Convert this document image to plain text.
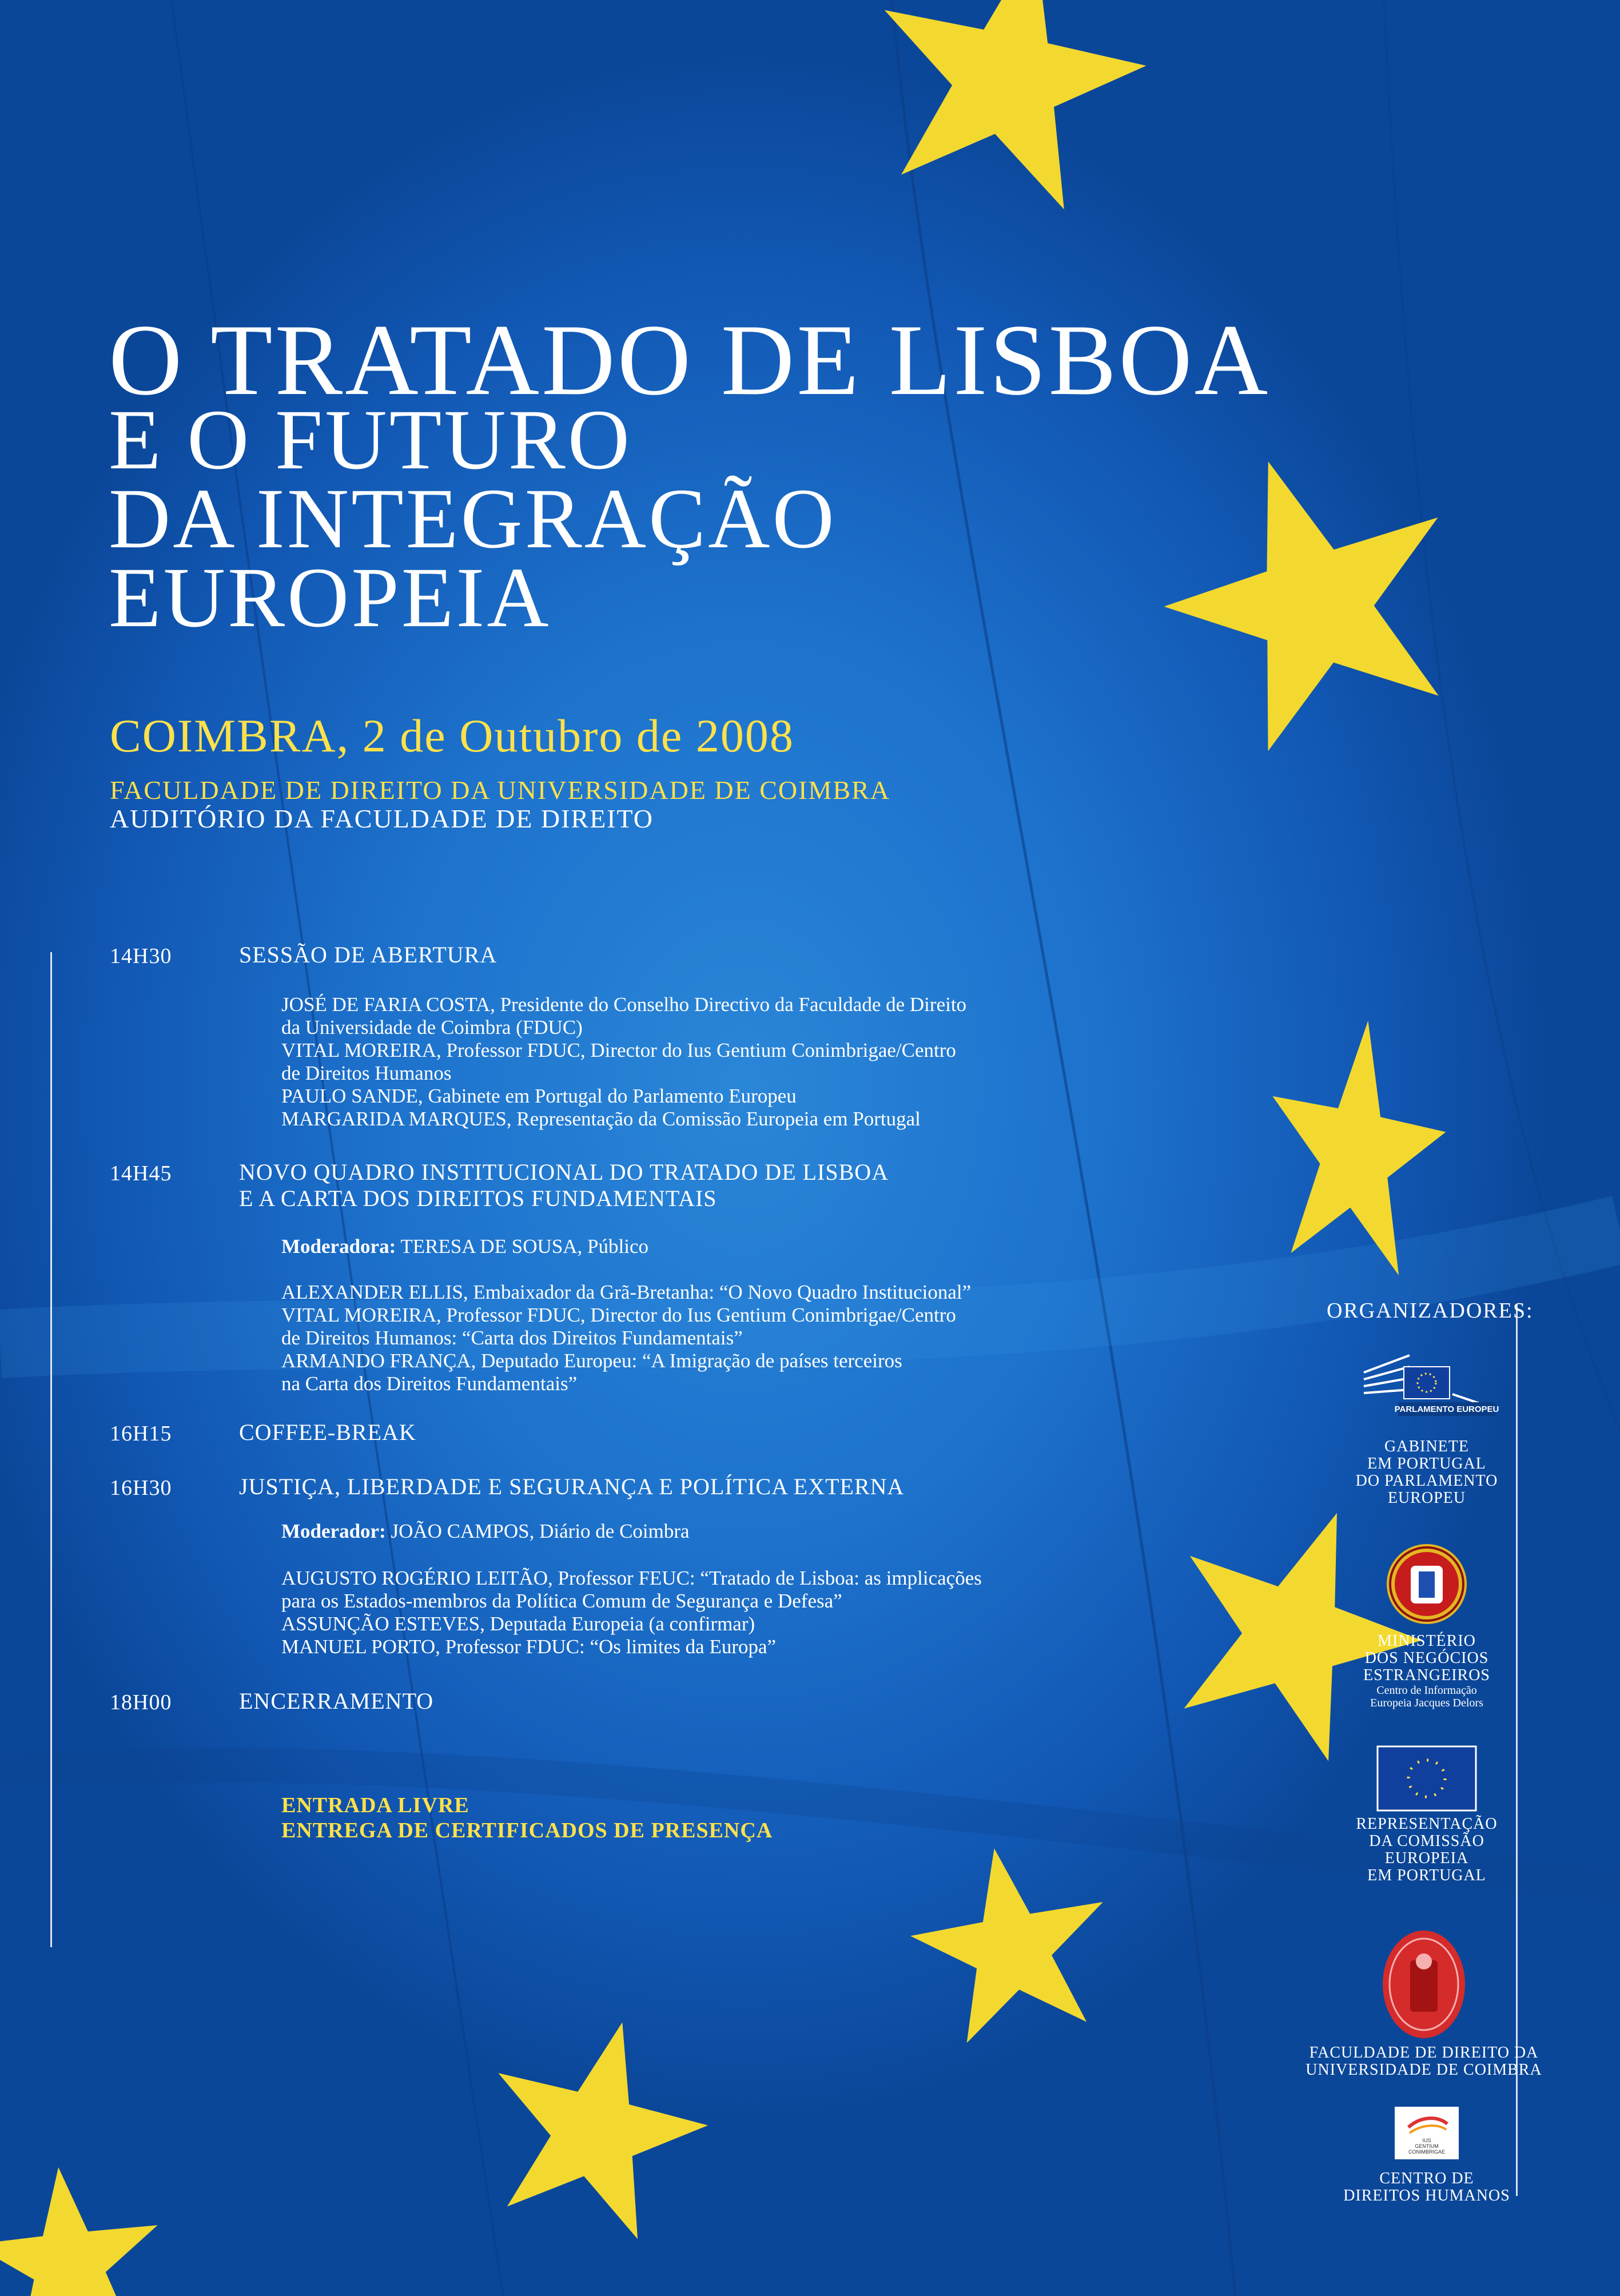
O TRATADO DE LISBOA
E O FUTURO
DA INTEGRAÇÃO
EUROPEIA
COIMBRA, 2 de Outubro de 2008
FACULDADE DE DIREITO DA UNIVERSIDADE DE COIMBRA
AUDITÓRIO DA FACULDADE DE DIREITO
14H30	SESSÃO DE ABERTURA
JOSÉ DE FARIA COSTA, Presidente do Conselho Directivo da Faculdade de Direito
da Universidade de Coimbra (FDUC)
VITAL MOREIRA, Professor FDUC, Director do Ius Gentium Conimbrigae/Centro
de Direitos Humanos
PAULO SANDE, Gabinete em Portugal do Parlamento Europeu
MARGARIDA MARQUES, Representação da Comissão Europeia em Portugal
14H45	NOVO QUADRO INSTITUCIONAL DO TRATADO DE LISBOA
E A CARTA DOS DIREITOS FUNDAMENTAIS
Moderadora: TERESA DE SOUSA, Público
ALEXANDER ELLIS, Embaixador da Grã-Bretanha: “O Novo Quadro Institucional”
VITAL MOREIRA, Professor FDUC, Director do Ius Gentium Conimbrigae/Centro
de Direitos Humanos: “Carta dos Direitos Fundamentais”
ARMANDO FRANÇA, Deputado Europeu: “A Imigração de países terceiros
na Carta dos Direitos Fundamentais”
16H15	COFFEE-BREAK
16H30	JUSTIÇA, LIBERDADE E SEGURANÇA E POLÍTICA EXTERNA
Moderador: JOÃO CAMPOS, Diário de Coimbra
AUGUSTO ROGÉRIO LEITÃO, Professor FEUC: “Tratado de Lisboa: as implicações
para os Estados-membros da Política Comum de Segurança e Defesa”
ASSUNÇÃO ESTEVES, Deputada Europeia (a confirmar)
MANUEL PORTO, Professor FDUC: “Os limites da Europa”
18H00	ENCERRAMENTO
ENTRADA LIVRE
ENTREGA DE CERTIFICADOS DE PRESENÇA
ORGANIZADORES:
PARLAMENTO EUROPEU
GABINETE
EM PORTUGAL
DO PARLAMENTO
EUROPEU
MINISTÉRIO
DOS NEGÓCIOS
ESTRANGEIROS
Centro de Informação
Europeia Jacques Delors
REPRESENTAÇÃO
DA COMISSÃO
EUROPEIA
EM PORTUGAL
FACULDADE DE DIREITO DA
UNIVERSIDADE DE COIMBRA
IUS
GENTIUM
CONIMBRIGAE
CENTRO DE
DIREITOS HUMANOS
